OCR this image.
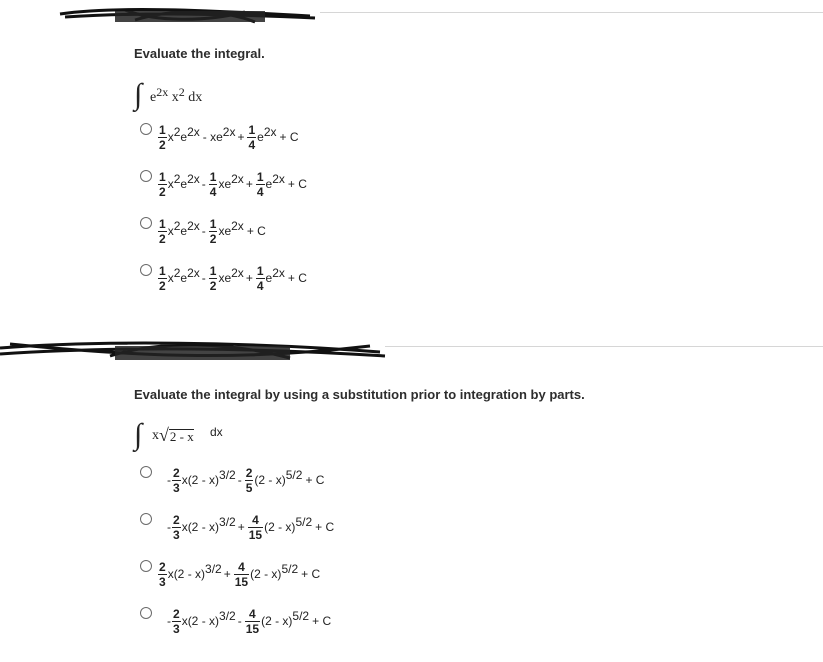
Evaluate the integral.
∫ e2x x2 dx
$\frac{1}{2}$ x 2 e 2x - xe $2x + \frac{1}{4}$ e 2x + C
$\frac{1}{2}$ x 2 e $2x - \frac{1}{4}$ xe $2x + \frac{1}{4}$ e 2x + C
$\frac{1}{2}$ x 2 e $2x - \frac{1}{2}$ xe 2x + C
$\frac{1}{2}$ x 2 e $2x - \frac{1}{2}$ xe $2x + \frac{1}{4}$ e 2x + C
Evaluate the integral by using a substitution prior to integration by parts.
∫ x √ 2 - x dx
- $\frac{2}{3} x(2 - x)$ $3/2 - \frac{2}{5} (2 - x) 5/2 + C$
- $\frac{2}{3} x(2 - x) 3/2 + \frac{4}{15} (2 - x) 5/2 + C$
$\frac{2}{3} x(2 - x) 3/2 + \frac{4}{15} (2 - x) 5/2 + C$
- $\frac{2}{3} x(2 - x)$ $3/2 - \frac{4}{15} (2 - x) 5/2 + C$
